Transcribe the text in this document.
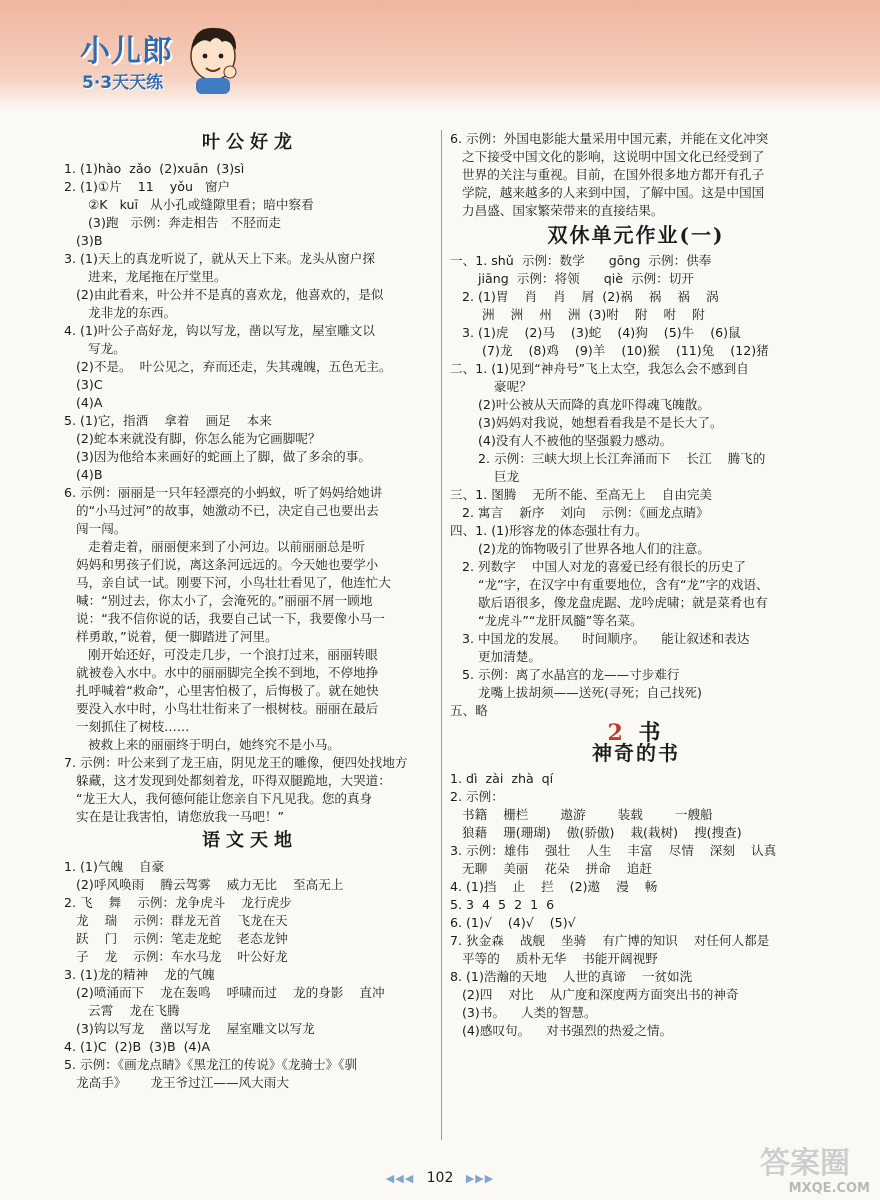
小儿郎
5·3天天练
叶公好龙
1. (1)hào  zǎo  (2)xuān  (3)sì
2. (1)①片    11    yǒu   窗户
②K   kuī   从小孔或缝隙里看；暗中察看
(3)跑   示例：奔走相告   不胫而走
(3)B
3. (1)天上的真龙听说了，就从天上下来。龙头从窗户探
进来，龙尾拖在厅堂里。
(2)由此看来，叶公并不是真的喜欢龙，他喜欢的，是似
龙非龙的东西。
4. (1)叶公子高好龙，钩以写龙，凿以写龙，屋室雕文以
写龙。
(2)不是。  叶公见之，弃而还走，失其魂魄，五色无主。
(3)C
(4)A
5. (1)它，指酒    拿着    画足    本来
(2)蛇本来就没有脚，你怎么能为它画脚呢？
(3)因为他给本来画好的蛇画上了脚，做了多余的事。
(4)B
6. 示例：丽丽是一只年轻漂亮的小蚂蚁，听了妈妈给她讲
的“小马过河”的故事，她激动不已，决定自己也要出去
闯一闯。
走着走着，丽丽便来到了小河边。以前丽丽总是听
妈妈和男孩子们说，离这条河远远的。今天她也要学小
马，亲自试一试。刚要下河，小鸟壮壮看见了，他连忙大
喊：“别过去，你太小了，会淹死的。”丽丽不屑一顾地
说：“我不信你说的话，我要自己试一下，我要像小马一
样勇敢，”说着，便一脚踏进了河里。
刚开始还好，可没走几步，一个浪打过来，丽丽转眼
就被卷入水中。水中的丽丽脚完全挨不到地，不停地挣
扎呼喊着“救命”，心里害怕极了，后悔极了。就在她快
要没入水中时，小鸟壮壮衔来了一根树枝。丽丽在最后
一刻抓住了树枝……
被救上来的丽丽终于明白，她终究不是小马。
7. 示例：叶公来到了龙王庙，阴见龙王的雕像，便四处找地方
躲藏，这才发现到处都刻着龙，吓得双腿跪地，大哭道：
“龙王大人，我何德何能让您亲自下凡见我。您的真身
实在是让我害怕，请您放我一马吧！”
语文天地
1. (1)气魄    自豪
(2)呼风唤雨    腾云驾雾    威力无比    至高无上
2. 飞    舞    示例：龙争虎斗    龙行虎步
龙    瑞    示例：群龙无首    飞龙在天
跃    门    示例：笔走龙蛇    老态龙钟
子    龙    示例：车水马龙    叶公好龙
3. (1)龙的精神    龙的气魄
(2)喷涌而下    龙在轰鸣    呼啸而过    龙的身影    直冲
云霄    龙在飞腾
(3)钩以写龙    凿以写龙    屋室雕文以写龙
4. (1)C  (2)B  (3)B  (4)A
5. 示例：《画龙点睛》《黑龙江的传说》《龙骑士》《驯
龙高手》      龙王爷过江——风大雨大
6. 示例：外国电影能大量采用中国元素，并能在文化冲突
之下接受中国文化的影响，这说明中国文化已经受到了
世界的关注与重视。目前，在国外很多地方都开有孔子
学院，越来越多的人来到中国，了解中国。这是中国国
力昌盛、国家繁荣带来的直接结果。
双休单元作业(一)
一、1. shǔ  示例：数学      gōng  示例：供奉
jiāng  示例：将领      qiè  示例：切开
2. (1)胃    肖    肖    屑  (2)祸    祸    祸    涡
洲    洲    州    洲  (3)咐    附    咐    附
3. (1)虎    (2)马    (3)蛇    (4)狗    (5)牛    (6)鼠
(7)龙    (8)鸡    (9)羊    (10)猴    (11)兔    (12)猪
二、1. (1)见到“神舟号”飞上太空，我怎么会不感到自
豪呢？
(2)叶公被从天而降的真龙吓得魂飞魄散。
(3)妈妈对我说，她想看看我是不是长大了。
(4)没有人不被他的坚强毅力感动。
2. 示例：三峡大坝上长江奔涌而下    长江    腾飞的
巨龙
三、1. 图腾    无所不能、至高无上    自由完美
2. 寓言    新序    刘向    示例：《画龙点睛》
四、1. (1)形容龙的体态强壮有力。
(2)龙的饰物吸引了世界各地人们的注意。
2. 列数字    中国人对龙的喜爱已经有很长的历史了
“龙”字，在汉字中有重要地位，含有“龙”字的戏语、
歇后语很多，像龙盘虎踞、龙吟虎啸；就是菜肴也有
“龙虎斗”“龙肝凤髓”等名菜。
3. 中国龙的发展。    时间顺序。    能让叙述和表达
更加清楚。
5. 示例：离了水晶宫的龙——寸步难行
龙嘴上拔胡须——送死(寻死；自己找死)
五、略
2 书
神奇的书
1. dì  zài  zhà  qí
2. 示例：
书籍    栅栏        遨游        装载        一艘船
狼藉    珊(珊瑚)    傲(骄傲)    栽(栽树)    搜(搜查)
3. 示例：雄伟    强壮    人生    丰富    尽情    深刻    认真
无聊    美丽    花朵    拼命    追赶
4. (1)挡    止    拦    (2)遨    漫    畅
5. 3  4  5  2  1  6
6. (1)√    (4)√    (5)√
7. 狄金森    战舰    坐骑    有广博的知识    对任何人都是
平等的    质朴无华    书能开阔视野
8. (1)浩瀚的天地    人世的真谛    一贫如洗
(2)四    对比    从广度和深度两方面突出书的神奇
(3)书。    人类的智慧。
(4)感叹句。    对书强烈的热爱之情。
◀◀◀ 102 ▶▶▶	答案圈
MXQE.COM
